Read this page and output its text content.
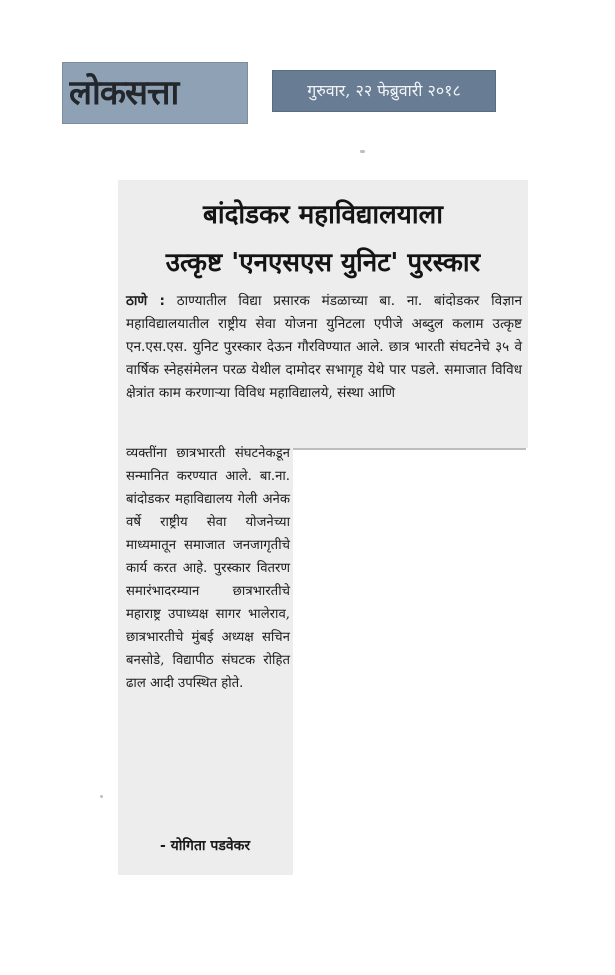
लोकसत्ता	गुरुवार, २२ फेब्रुवारी २०१८
बांदोडकर महाविद्यालयाला
उत्कृष्ट 'एनएसएस युनिट' पुरस्कार
ठाणे : ठाण्यातील विद्या प्रसारक मंडळाच्या बा. ना. बांदोडकर विज्ञान महाविद्यालयातील राष्ट्रीय सेवा योजना युनिटला एपीजे अब्दुल कलाम उत्कृष्ट एन.एस.एस. युनिट पुरस्कार देऊन गौरविण्यात आले. छात्र भारती संघटनेचे ३५ वे वार्षिक स्नेहसंमेलन परळ येथील दामोदर सभागृह येथे पार पडले. समाजात विविध क्षेत्रांत काम करणाऱ्या विविध महाविद्यालये, संस्था आणि
व्यक्तींना छात्रभारती संघटनेकडून सन्मानित करण्यात आले. बा.ना. बांदोडकर महाविद्यालय गेली अनेक वर्षे राष्ट्रीय सेवा योजनेच्या माध्यमातून समाजात जनजागृतीचे कार्य करत आहे. पुरस्कार वितरण समारंभादरम्यान छात्रभारतीचे महाराष्ट्र उपाध्यक्ष सागर भालेराव, छात्रभारतीचे मुंबई अध्यक्ष सचिन बनसोडे, विद्यापीठ संघटक रोहित ढाल आदी उपस्थित होते.
- योगिता पडवेकर
